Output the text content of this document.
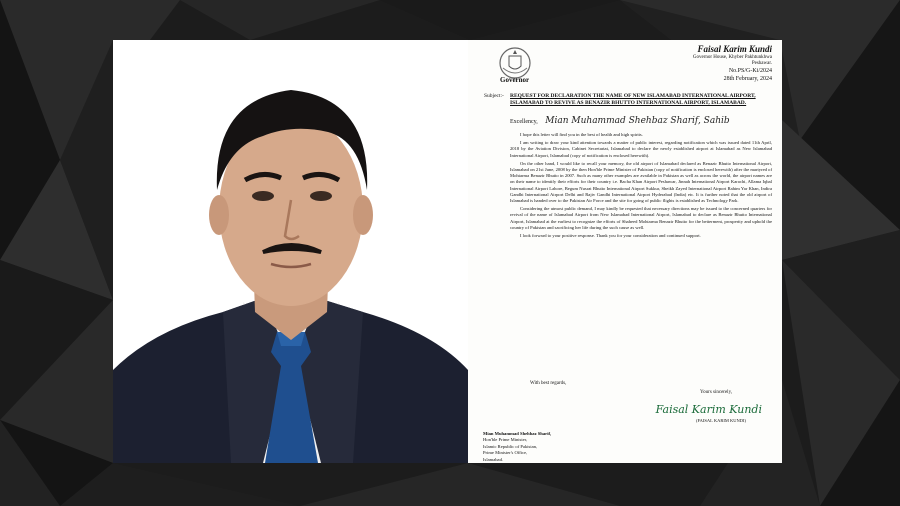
Governor
Faisal Karim Kundi
Governor House, Khyber Pakhtunkhwa
Peshawar.
No.PS/G-Ki/2024
28th February, 2024
Subject:- REQUEST FOR DECLARATION THE NAME OF NEW ISLAMABAD INTERNATIONAL AIRPORT, ISLAMABAD TO REVIVE AS BENAZIR BHUTTO INTERNATIONAL AIRPORT, ISLAMABAD.
Excellency, Mian Muhammad Shehbaz Sharif, Sahib

I hope this letter will find you in the best of health and high spirits.

I am writing to draw your kind attention towards a matter of public interest, regarding notification which was issued dated 11th April, 2018 by the Aviation Division, Cabinet Secretariat, Islamabad to declare the newly established airport at Islamabad as New Islamabad International Airport, Islamabad (copy of notification is enclosed herewith).

On the other hand, I would like to recall your memory, the old airport of Islamabad declared as Benazir Bhutto International Airport, Islamabad on 21st June, 2008 by the then Hon'ble Prime Minister of Pakistan (copy of notification is enclosed herewith) after the martyred of Mohtarma Benazir Bhutto in 2007. Such as many other examples are available in Pakistan as well as across the world, the airport names are on their name to identify their efforts for their country i.e. Bacha Khan Airport Peshawar, Jinnah International Airport Karachi, Allama Iqbal International Airport Lahore, Begum Nusrat Bhutto International Airport Sukkur, Sheikh Zayed International Airport Rahim Yar Khan, Indira Gandhi International Airport Delhi and Rajiv Gandhi International Airport Hyderabad (India) etc. It is further noted that the old airport of Islamabad is handed over to the Pakistan Air Force and the site for going of public flights is established as Technology Park.

Considering the utmost public demand, I may kindly be requested that necessary directions may be issued to the concerned quarters for revival of the name of Islamabad Airport from New Islamabad International Airport, Islamabad to declare as Benazir Bhutto International Airport, Islamabad at the earliest to recognize the efforts of Shaheed Mohtarma Benazir Bhutto for the betterment, prosperity and uphold the country of Pakistan and sacrificing her life during the such cause as well.

I look forward to your positive response. Thank you for your consideration and continued support.

With best regards,
Yours sincerely,
Faisal Karim Kundi
(FAISAL KARIM KUNDI)
Mian Muhammad Shehbaz Sharif,
Hon'ble Prime Minister,
Islamic Republic of Pakistan,
Prime Minister's Office,
Islamabad.
